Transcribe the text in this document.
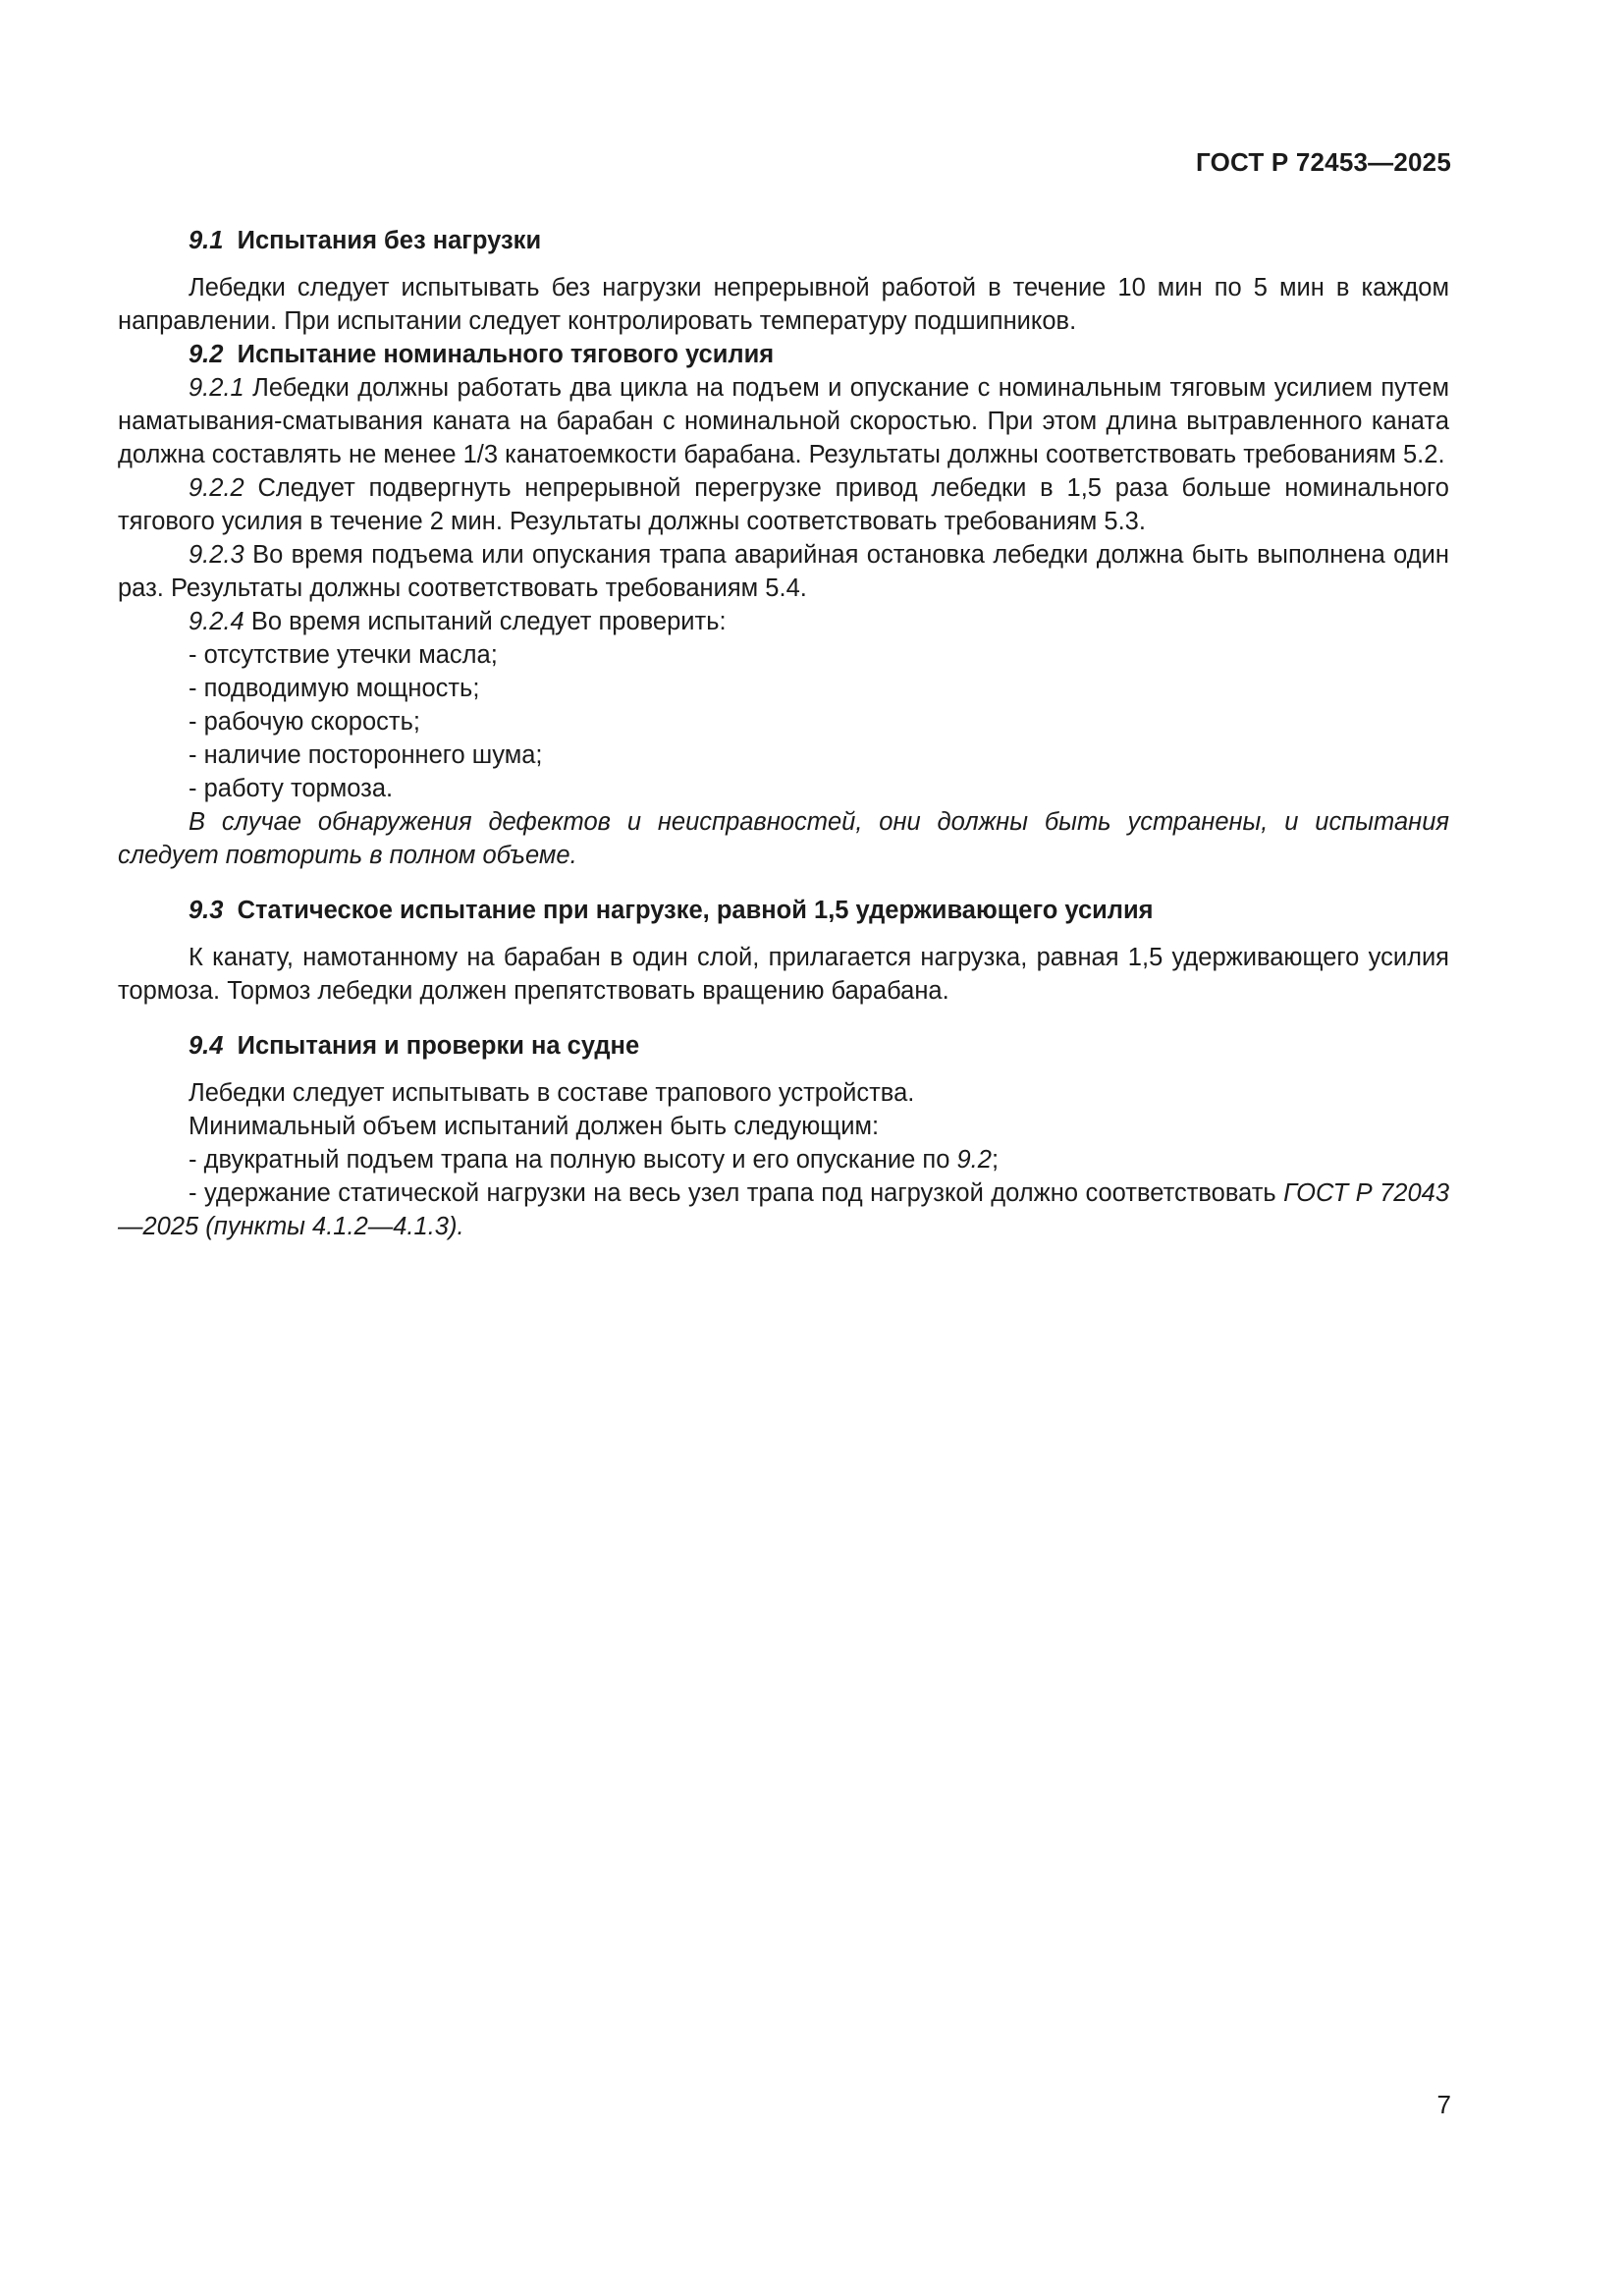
ГОСТ Р 72453—2025

9.1 Испытания без нагрузки

Лебедки следует испытывать без нагрузки непрерывной работой в течение 10 мин по 5 мин в каждом направлении. При испытании следует контролировать температуру подшипников.

9.2 Испытание номинального тягового усилия

9.2.1 Лебедки должны работать два цикла на подъем и опускание с номинальным тяговым усилием путем наматывания-сматывания каната на барабан с номинальной скоростью. При этом длина вытравленного каната должна составлять не менее 1/3 канатоемкости барабана. Результаты должны соответствовать требованиям 5.2.

9.2.2 Следует подвергнуть непрерывной перегрузке привод лебедки в 1,5 раза больше номинального тягового усилия в течение 2 мин. Результаты должны соответствовать требованиям 5.3.

9.2.3 Во время подъема или опускания трапа аварийная остановка лебедки должна быть выполнена один раз. Результаты должны соответствовать требованиям 5.4.

9.2.4 Во время испытаний следует проверить:

- отсутствие утечки масла;

- подводимую мощность;

- рабочую скорость;

- наличие постороннего шума;

- работу тормоза.

В случае обнаружения дефектов и неисправностей, они должны быть устранены, и испытания следует повторить в полном объеме.

9.3 Статическое испытание при нагрузке, равной 1,5 удерживающего усилия

К канату, намотанному на барабан в один слой, прилагается нагрузка, равная 1,5 удерживающего усилия тормоза. Тормоз лебедки должен препятствовать вращению барабана.

9.4 Испытания и проверки на судне

Лебедки следует испытывать в составе трапового устройства.

Минимальный объем испытаний должен быть следующим:

- двукратный подъем трапа на полную высоту и его опускание по 9.2;

- удержание статической нагрузки на весь узел трапа под нагрузкой должно соответствовать ГОСТ Р 72043—2025 (пункты 4.1.2—4.1.3).

7
